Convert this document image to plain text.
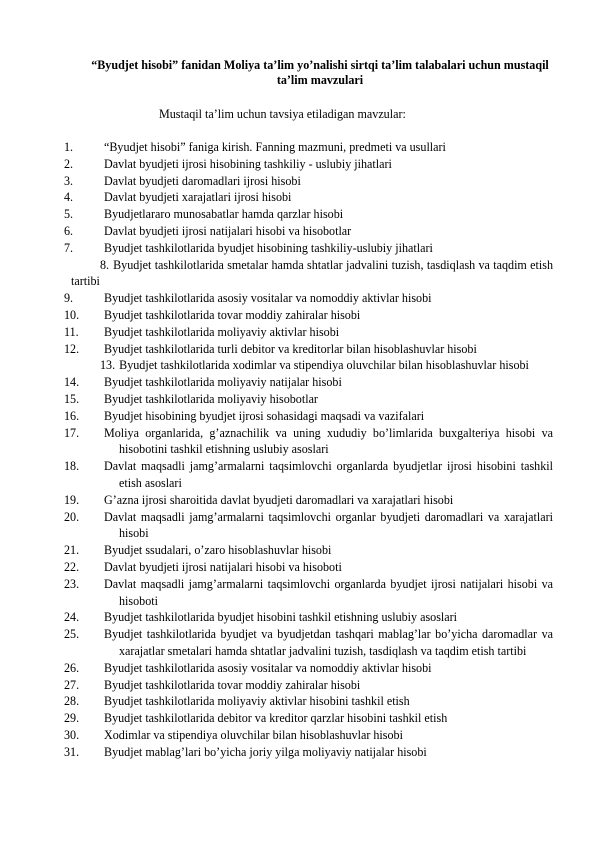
“Byudjet hisobi” fanidan Moliya ta’lim yo’nalishi sirtqi ta’lim talabalari uchun mustaqil ta’lim mavzulari
Mustaqil ta’lim uchun tavsiya etiladigan mavzular:
1.	“Byudjet hisobi” faniga kirish. Fanning mazmuni, predmeti va usullari
2.	Davlat byudjeti ijrosi hisobining tashkiliy - uslubiy jihatlari
3.	Davlat byudjeti daromadlari ijrosi hisobi
4.	Davlat byudjeti xarajatlari ijrosi hisobi
5.	Byudjetlararo munosabatlar hamda qarzlar hisobi
6.	Davlat byudjeti ijrosi natijalari hisobi va hisobotlar
7.	Byudjet tashkilotlarida byudjet hisobining tashkiliy-uslubiy jihatlari
8. Byudjet tashkilotlarida smetalar hamda shtatlar jadvalini tuzish, tasdiqlash va taqdim etish tartibi
9.	Byudjet tashkilotlarida asosiy vositalar va nomoddiy aktivlar hisobi
10. Byudjet tashkilotlarida tovar moddiy zahiralar hisobi
11. Byudjet tashkilotlarida moliyaviy aktivlar hisobi
12. Byudjet tashkilotlarida turli debitor va kreditorlar bilan hisoblashuvlar hisobi
13. Byudjet tashkilotlarida xodimlar va stipendiya oluvchilar bilan hisoblashuvlar hisobi
14. Byudjet tashkilotlarida moliyaviy natijalar hisobi
15. Byudjet tashkilotlarida moliyaviy hisobotlar
16. Byudjet hisobining byudjet ijrosi sohasidagi maqsadi va vazifalari
17. Moliya organlarida, g’aznachilik va uning xududiy bo’limlarida buxgalteriya hisobi va hisobotini tashkil etishning uslubiy asoslari
18. Davlat maqsadli jamg’armalarni taqsimlovchi organlarda byudjetlar ijrosi hisobini tashkil etish asoslari
19. G’azna ijrosi sharoitida davlat byudjeti daromadlari va xarajatlari hisobi
20. Davlat maqsadli jamg’armalarni taqsimlovchi organlar byudjeti daromadlari va xarajatlari hisobi
21. Byudjet ssudalari, o’zaro hisoblashuvlar hisobi
22. Davlat byudjeti ijrosi natijalari hisobi va hisoboti
23. Davlat maqsadli jamg’armalarni taqsimlovchi organlarda byudjet ijrosi natijalari hisobi va hisoboti
24. Byudjet tashkilotlarida byudjet hisobini tashkil etishning uslubiy asoslari
25. Byudjet tashkilotlarida byudjet va byudjetdan tashqari mablag’lar bo’yicha daromadlar va xarajatlar smetalari hamda shtatlar jadvalini tuzish, tasdiqlash va taqdim etish tartibi
26. Byudjet tashkilotlarida asosiy vositalar va nomoddiy aktivlar hisobi
27. Byudjet tashkilotlarida tovar moddiy zahiralar hisobi
28. Byudjet tashkilotlarida moliyaviy aktivlar hisobini tashkil etish
29. Byudjet tashkilotlarida debitor va kreditor qarzlar hisobini tashkil etish
30. Xodimlar va stipendiya oluvchilar bilan hisoblashuvlar hisobi
31. Byudjet mablag’lari bo’yicha joriy yilga moliyaviy natijalar hisobi
